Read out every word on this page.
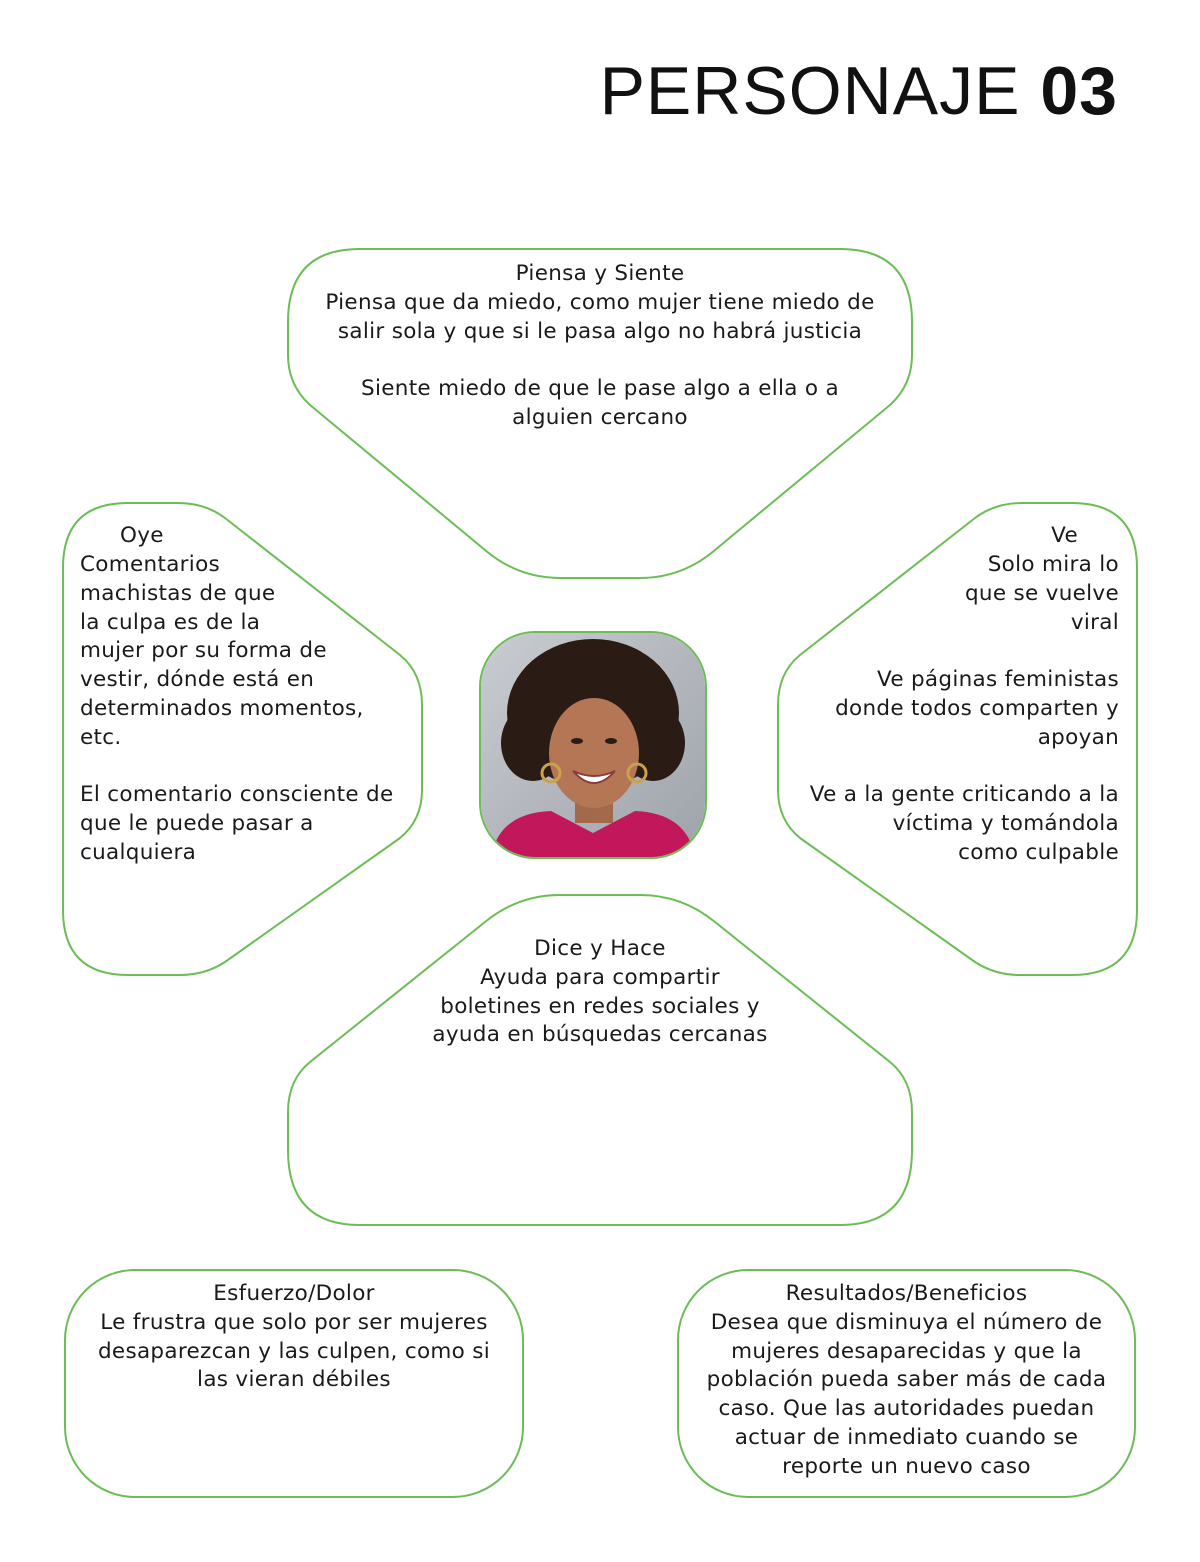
PERSONAJE 03

Piensa y Siente
Piensa que da miedo, como mujer tiene miedo de
salir sola y que si le pasa algo no habrá justicia

Siente miedo de que le pase algo a ella o a
alguien cercano

Oye

Comentarios
machistas de que
la culpa es de la
mujer por su forma de
vestir, dónde está en
determinados momentos,
etc.

El comentario consciente de
que le puede pasar a
cualquiera

Ve

Solo mira lo
que se vuelve
viral

Ve páginas feministas
donde todos comparten y
apoyan

Ve a la gente criticando a la
víctima y tomándola
como culpable

Dice y Hace
Ayuda para compartir
boletines en redes sociales y
ayuda en búsquedas cercanas

Esfuerzo/Dolor
Le frustra que solo por ser mujeres
desaparezcan y las culpen, como si
las vieran débiles

Resultados/Beneficios
Desea que disminuya el número de
mujeres desaparecidas y que la
población pueda saber más de cada
caso. Que las autoridades puedan
actuar de inmediato cuando se
reporte un nuevo caso
